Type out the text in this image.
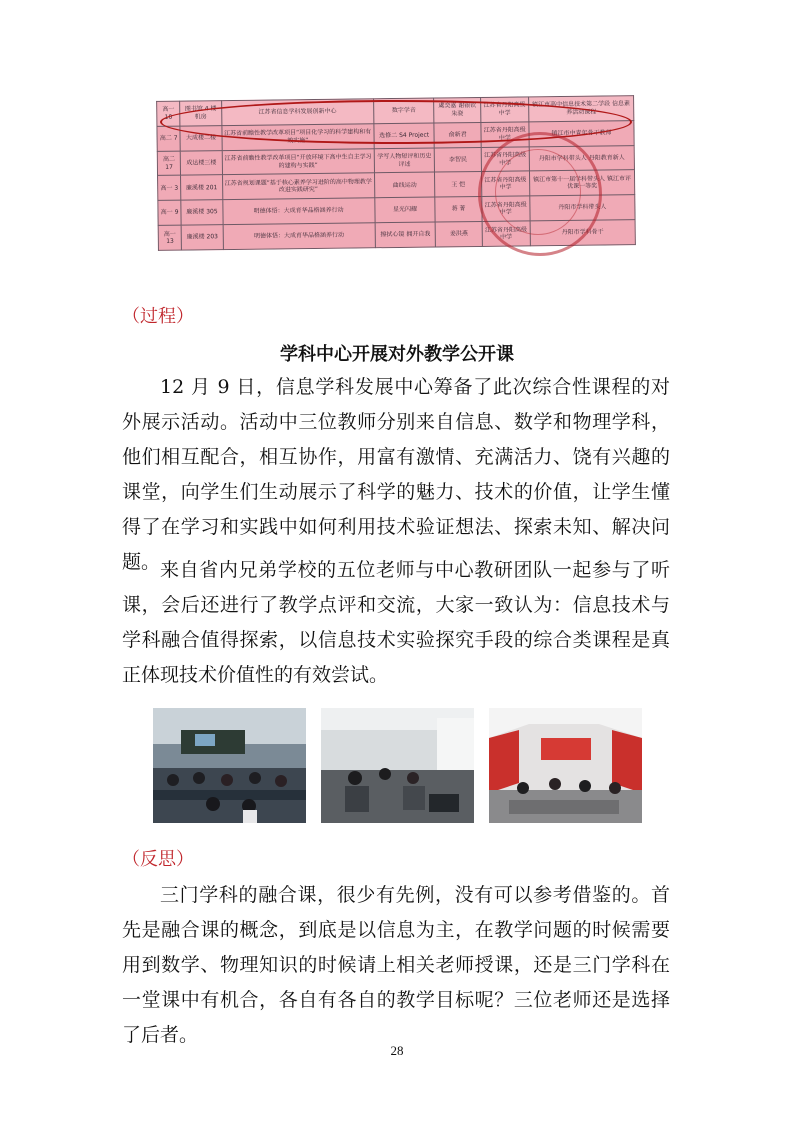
高一 10	图书馆 4 楼机房	江苏省信息学科发展创新中心	数字学音	虞奕嘉 谢银钦 朱骁	江苏省丹阳高级中学	镇江市高中信息技术第二学段 信息素养活动课程
高二 7	大成楼二楼	江苏省前瞻性教学改革项目“项目化学习的科学建构和有效实施”	选修二 S4 Project	俞新君	江苏省丹阳高级中学	镇江市中青年骨干教师
高二 17	成达楼三楼	江苏省前瞻性教学改革项目“开放环境下高中生自主学习的建构与实践”	学写人物短评和历史评述	李智民	江苏省丹阳高级中学	丹阳市学科带头人 丹阳教育新人
高一 3	廉溪楼 201	江苏省规划课题“基于核心素养学习进阶的高中物理教学改进实践研究”	曲线运动	王 恺	江苏省丹阳高级中学	镇江市第十一届学科带头人 镇江市评优课一等奖
高一 9	廉溪楼 305	明德体悟：大成育华品格涵养行动	星光闪耀	蒋 菁	江苏省丹阳高级中学	丹阳市学科带头人
高一 13	廉溪楼 203	明德体悟：大成育华品格涵养行动	擦拭心镜 拥开自我	姜洪燕	江苏省丹阳高级中学	丹阳市学科骨干
（过程）
学科中心开展对外教学公开课

12 月 9 日，信息学科发展中心筹备了此次综合性课程的对外展示活动。活动中三位教师分别来自信息、数学和物理学科，他们相互配合，相互协作，用富有激情、充满活力、饶有兴趣的课堂，向学生们生动展示了科学的魅力、技术的价值，让学生懂得了在学习和实践中如何利用技术验证想法、探索未知、解决问题。 来自省内兄弟学校的五位老师与中心教研团队一起参与了听课，会后还进行了教学点评和交流，大家一致认为：信息技术与学科融合值得探索，以信息技术实验探究手段的综合类课程是真正体现技术价值性的有效尝试。

（反思）

三门学科的融合课，很少有先例，没有可以参考借鉴的。首先是融合课的概念，到底是以信息为主，在教学问题的时候需要用到数学、物理知识的时候请上相关老师授课，还是三门学科在一堂课中有机合，各自有各自的教学目标呢？三位老师还是选择了后者。

28
